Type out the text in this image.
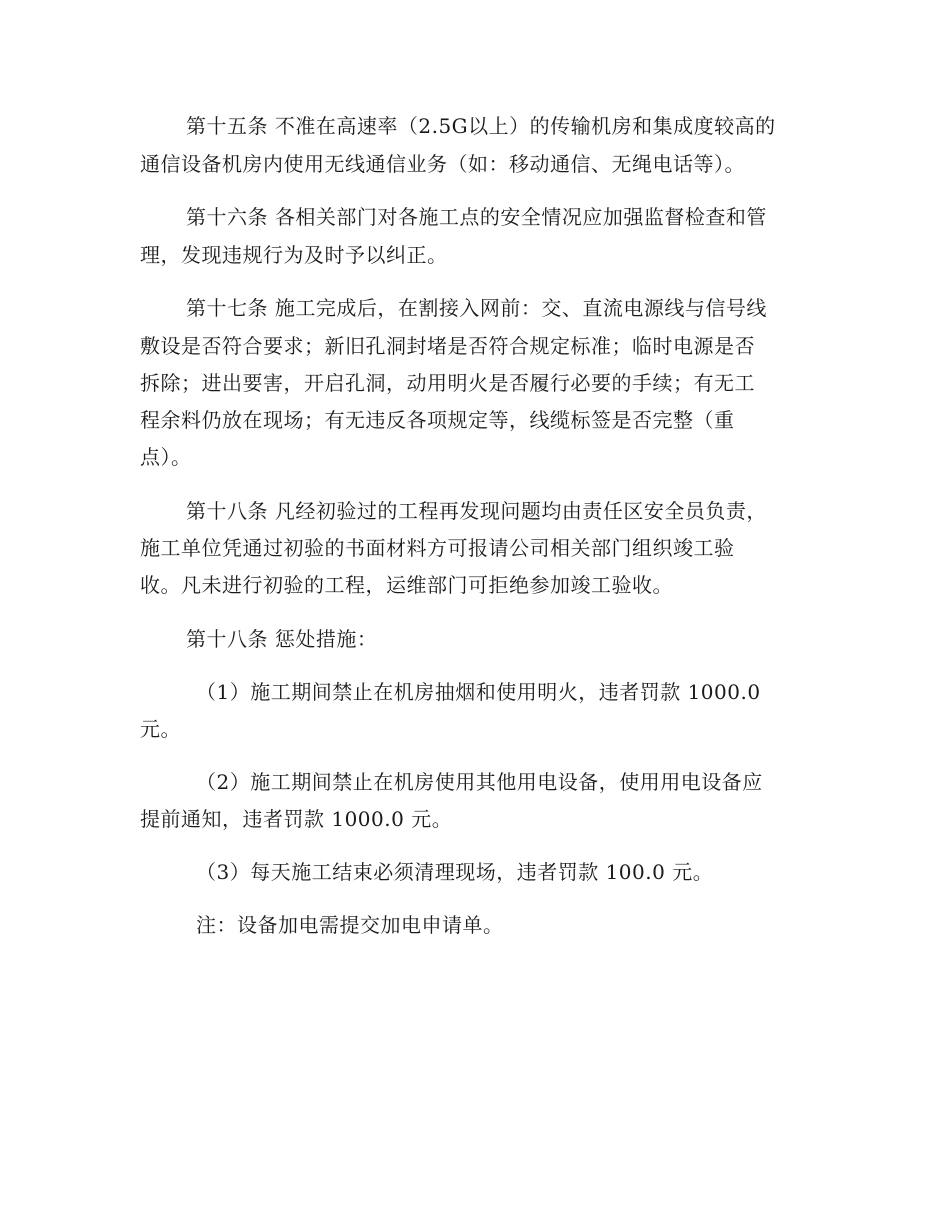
第十五条 不准在高速率（2.5G以上）的传输机房和集成度较高的
通信设备机房内使用无线通信业务（如：移动通信、无绳电话等）。
第十六条 各相关部门对各施工点的安全情况应加强监督检查和管
理，发现违规行为及时予以纠正。
第十七条 施工完成后，在割接入网前：交、直流电源线与信号线
敷设是否符合要求；新旧孔洞封堵是否符合规定标准；临时电源是否
拆除；进出要害，开启孔洞，动用明火是否履行必要的手续；有无工
程余料仍放在现场；有无违反各项规定等，线缆标签是否完整（重
点）。
第十八条 凡经初验过的工程再发现问题均由责任区安全员负责，
施工单位凭通过初验的书面材料方可报请公司相关部门组织竣工验
收。凡未进行初验的工程，运维部门可拒绝参加竣工验收。
第十八条 惩处措施：
（1）施工期间禁止在机房抽烟和使用明火，违者罚款 1000.0
元。
（2）施工期间禁止在机房使用其他用电设备，使用用电设备应
提前通知，违者罚款 1000.0 元。
（3）每天施工结束必须清理现场，违者罚款 100.0 元。
注：设备加电需提交加电申请单。
